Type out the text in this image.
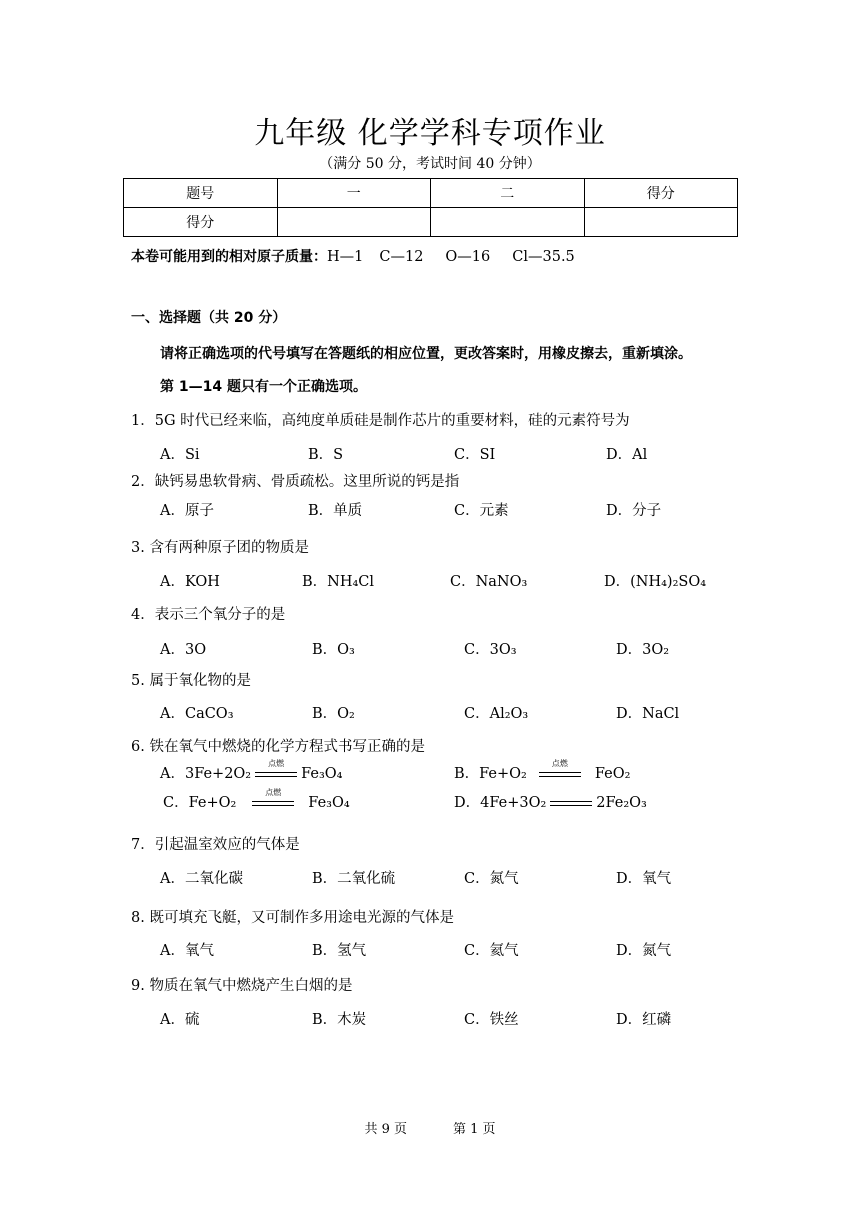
九年级 化学学科专项作业
（满分 50 分，考试时间 40 分钟）
题号	一	二	得分
得分			
本卷可能用到的相对原子质量：H—1 C—12 O—16 Cl—35.5
一、选择题（共 20 分）
请将正确选项的代号填写在答题纸的相应位置，更改答案时，用橡皮擦去，重新填涂。
第 1—14 题只有一个正确选项。
1．5G 时代已经来临，高纯度单质硅是制作芯片的重要材料，硅的元素符号为
A．Si	B．S	C．SI	D．Al
2．缺钙易患软骨病、骨质疏松。这里所说的钙是指
A．原子	B．单质	C．元素	D．分子
3. 含有两种原子团的物质是
A．KOH	B．NH₄Cl	C．NaNO₃	D．(NH₄)₂SO₄
4．表示三个氧分子的是
A．3O	B．O₃	C．3O₃	D．3O₂
5. 属于氧化物的是
A．CaCO₃	B．O₂	C．Al₂O₃	D．NaCl
6. 铁在氧气中燃烧的化学方程式书写正确的是
A．3Fe+2O₂
点燃
Fe₃O₄	B．Fe+O₂
点燃
FeO₂
C．Fe+O₂
点燃
Fe₃O₄	D．4Fe+3O₂	2Fe₂O₃
7．引起温室效应的气体是
A．二氧化碳	B．二氧化硫	C．氮气	D．氧气
8. 既可填充飞艇，又可制作多用途电光源的气体是
A．氧气	B．氢气	C．氦气	D．氮气
9. 物质在氧气中燃烧产生白烟的是
A．硫	B．木炭	C．铁丝	D．红磷
共 9 页	第 1 页
